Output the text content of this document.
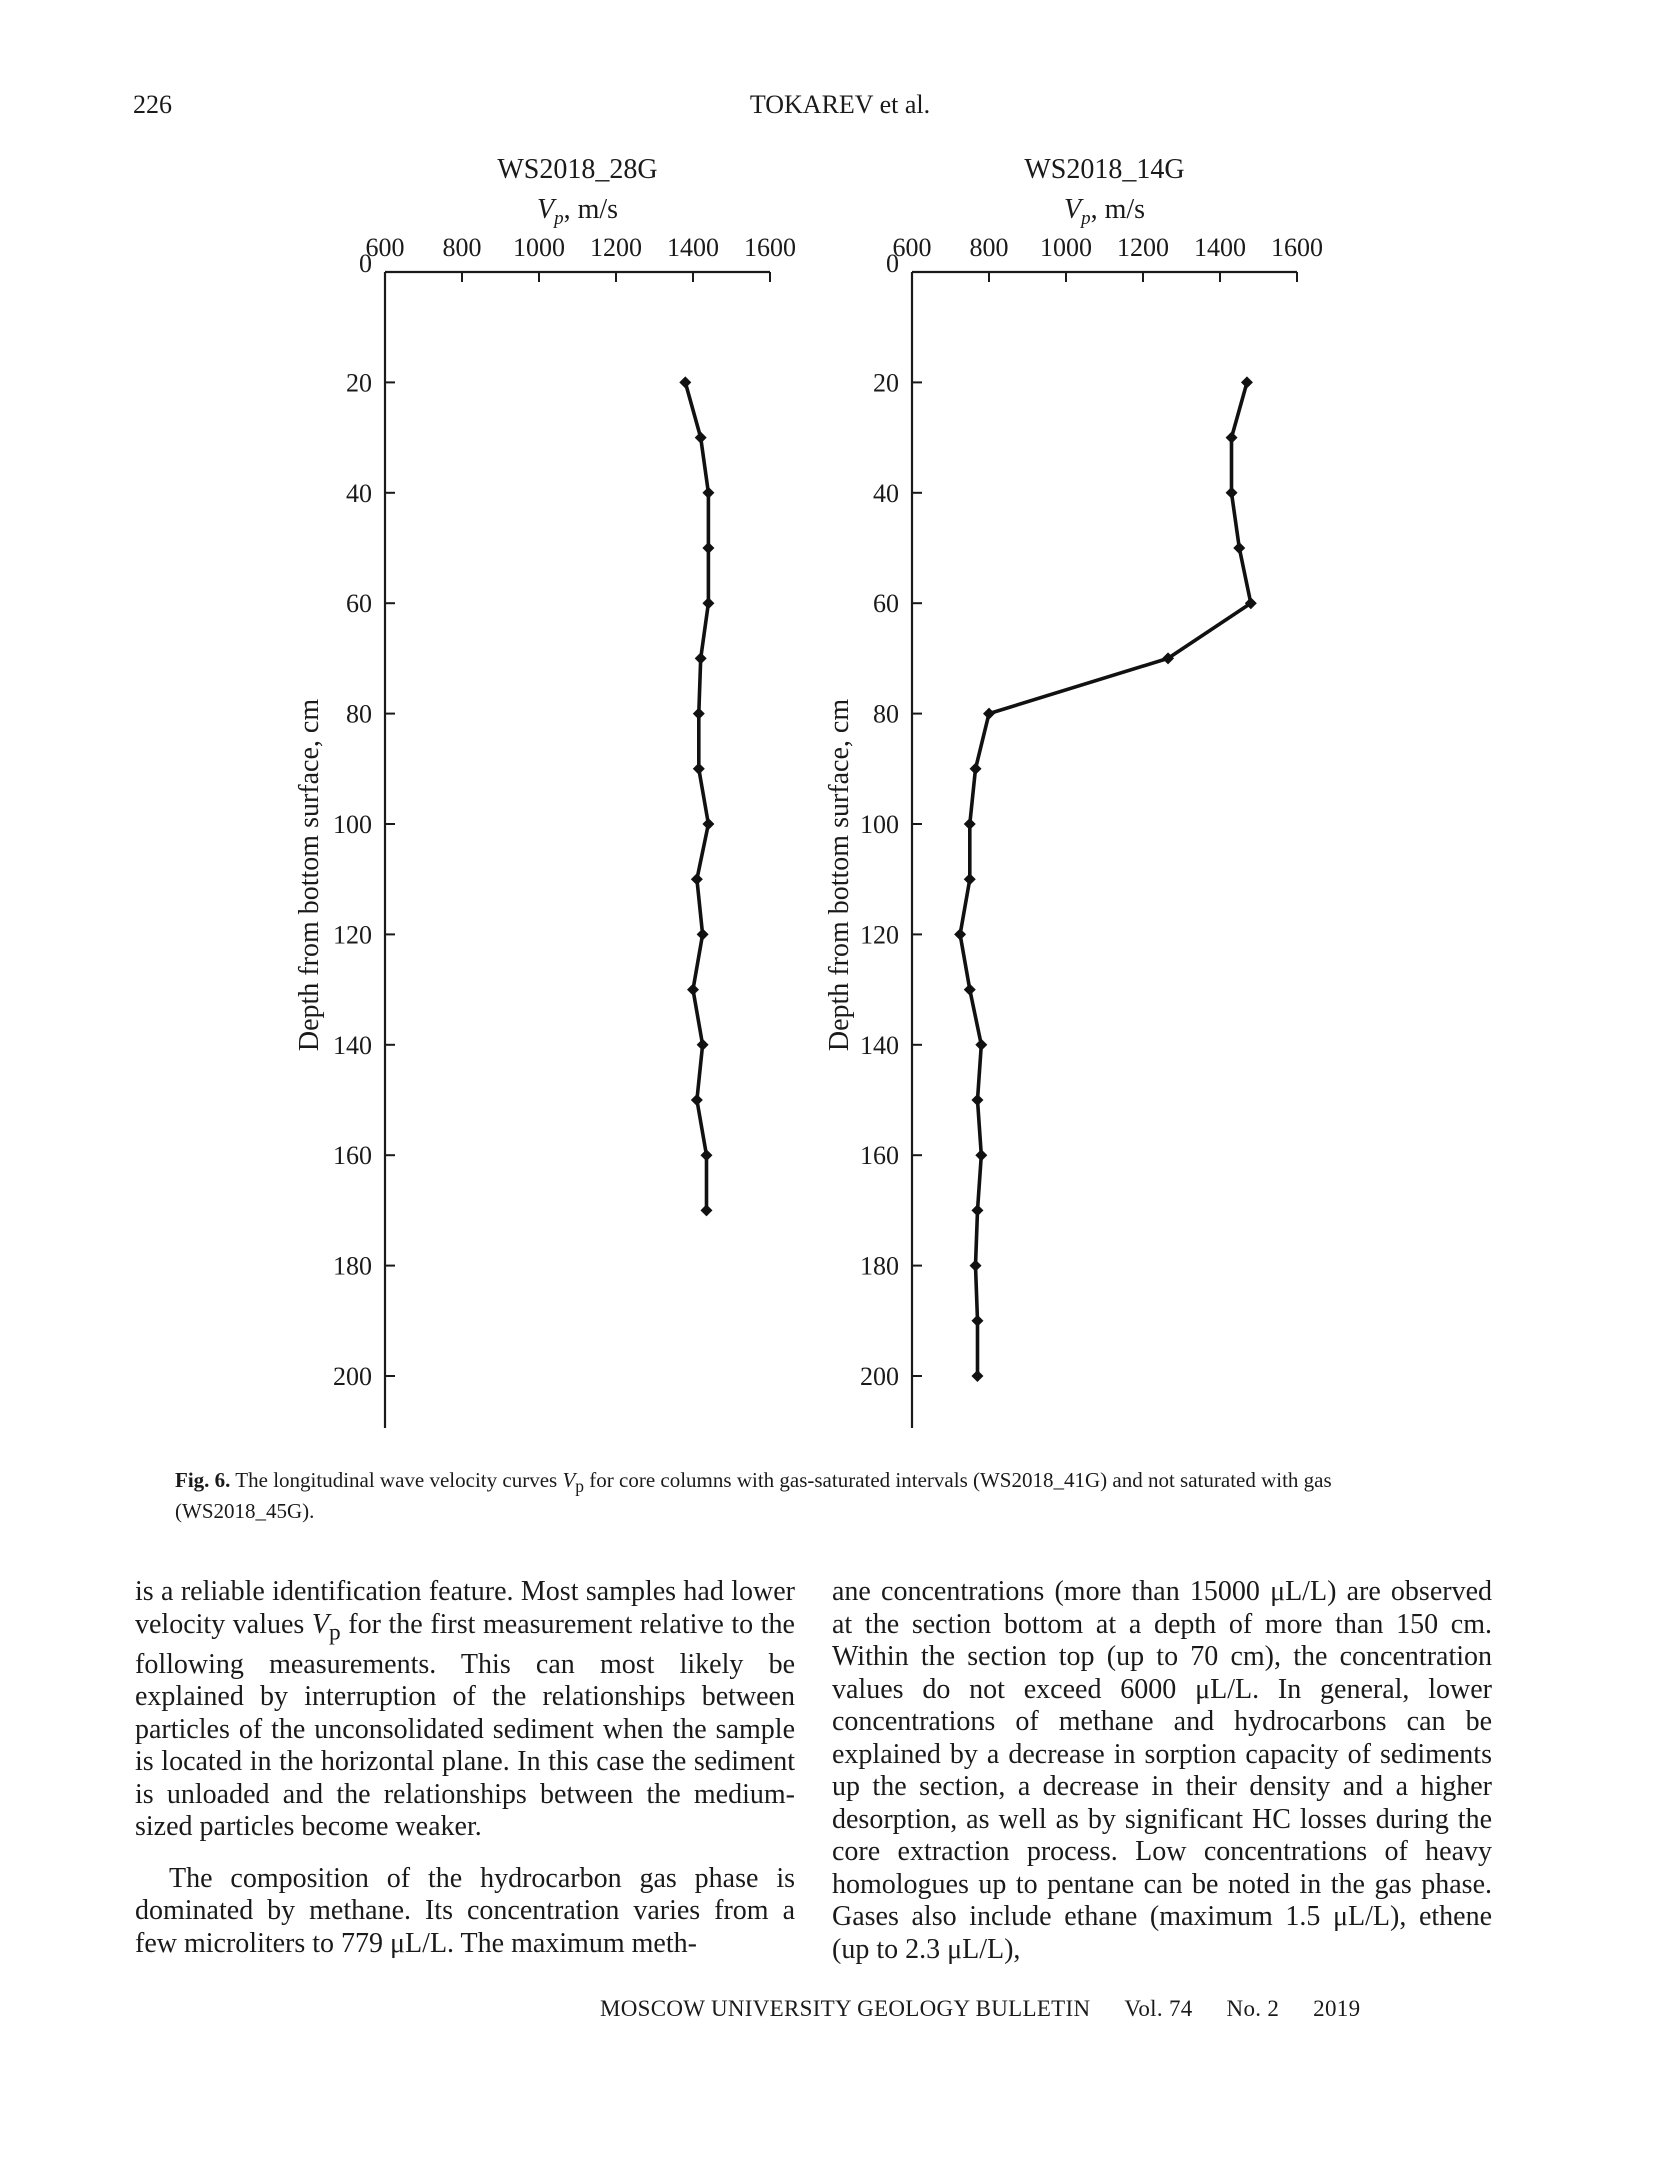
226	TOKAREV et al.
WS2018_28G
$V_p$, m/s
600 800 1000 1200 1400 1600
0
20
40
60
80
100
120
140
160
180
200
Depth from bottom surface, cm
WS2018_14G
$V_p$, m/s
600 800 1000 1200 1400 1600
0
20
40
60
80
100
120
140
160
180
200
Depth from bottom surface, cm
Fig. 6. The longitudinal wave velocity curves $V_p$ for core columns with gas-saturated intervals (WS2018_41G) and not saturated with gas (WS2018_45G).

is a reliable identification feature. Most samples had lower velocity values $V_p$ for the first measurement relative to the following measurements. This can most likely be explained by interruption of the relationships between particles of the unconsolidated sediment when the sample is located in the horizontal plane. In this case the sediment is unloaded and the relationships between the medium-sized particles become weaker.

The composition of the hydrocarbon gas phase is dominated by methane. Its concentration varies from a few microliters to 779 μL/L. The maximum meth-

ane concentrations (more than 15000 μL/L) are observed at the section bottom at a depth of more than 150 cm. Within the section top (up to 70 cm), the concentration values do not exceed 6000 μL/L. In general, lower concentrations of methane and hydrocarbons can be explained by a decrease in sorption capacity of sediments up the section, a decrease in their density and a higher desorption, as well as by significant HC losses during the core extraction process. Low concentrations of heavy homologues up to pentane can be noted in the gas phase. Gases also include ethane (maximum 1.5 μL/L), ethene (up to 2.3 μL/L),

MOSCOW UNIVERSITY GEOLOGY BULLETIN Vol. 74 No. 2 2019
